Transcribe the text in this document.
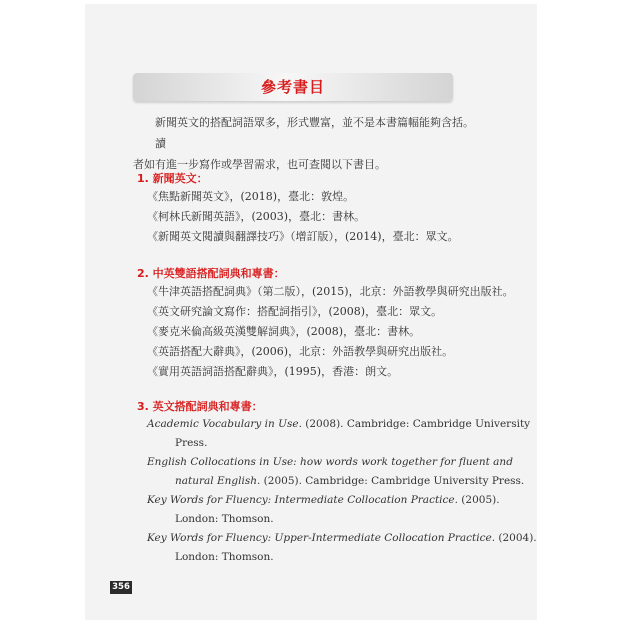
參考書目
新聞英文的搭配詞語眾多，形式豐富，並不是本書篇幅能夠含括。讀
者如有進一步寫作或學習需求，也可查閱以下書目。

1. 新聞英文：

《焦點新聞英文》，(2018)，臺北：敦煌。
《柯林氏新聞英語》，(2003)，臺北：書林。
《新聞英文閱讀與翻譯技巧》（增訂版），(2014)，臺北：眾文。

2. 中英雙語搭配詞典和專書：

《牛津英語搭配詞典》（第二版），(2015)，北京：外語教學與研究出版社。
《英文研究論文寫作：搭配詞指引》，(2008)，臺北：眾文。
《麥克米倫高級英漢雙解詞典》，(2008)，臺北：書林。
《英語搭配大辭典》，(2006)，北京：外語教學與研究出版社。
《實用英語詞語搭配辭典》，(1995)，香港：朗文。

3. 英文搭配詞典和專書：

Academic Vocabulary in Use. (2008). Cambridge: Cambridge University
Press.
English Collocations in Use: how words work together for fluent and
natural English. (2005). Cambridge: Cambridge University Press.
Key Words for Fluency: Intermediate Collocation Practice. (2005).
London: Thomson.
Key Words for Fluency: Upper-Intermediate Collocation Practice. (2004).
London: Thomson.
356
